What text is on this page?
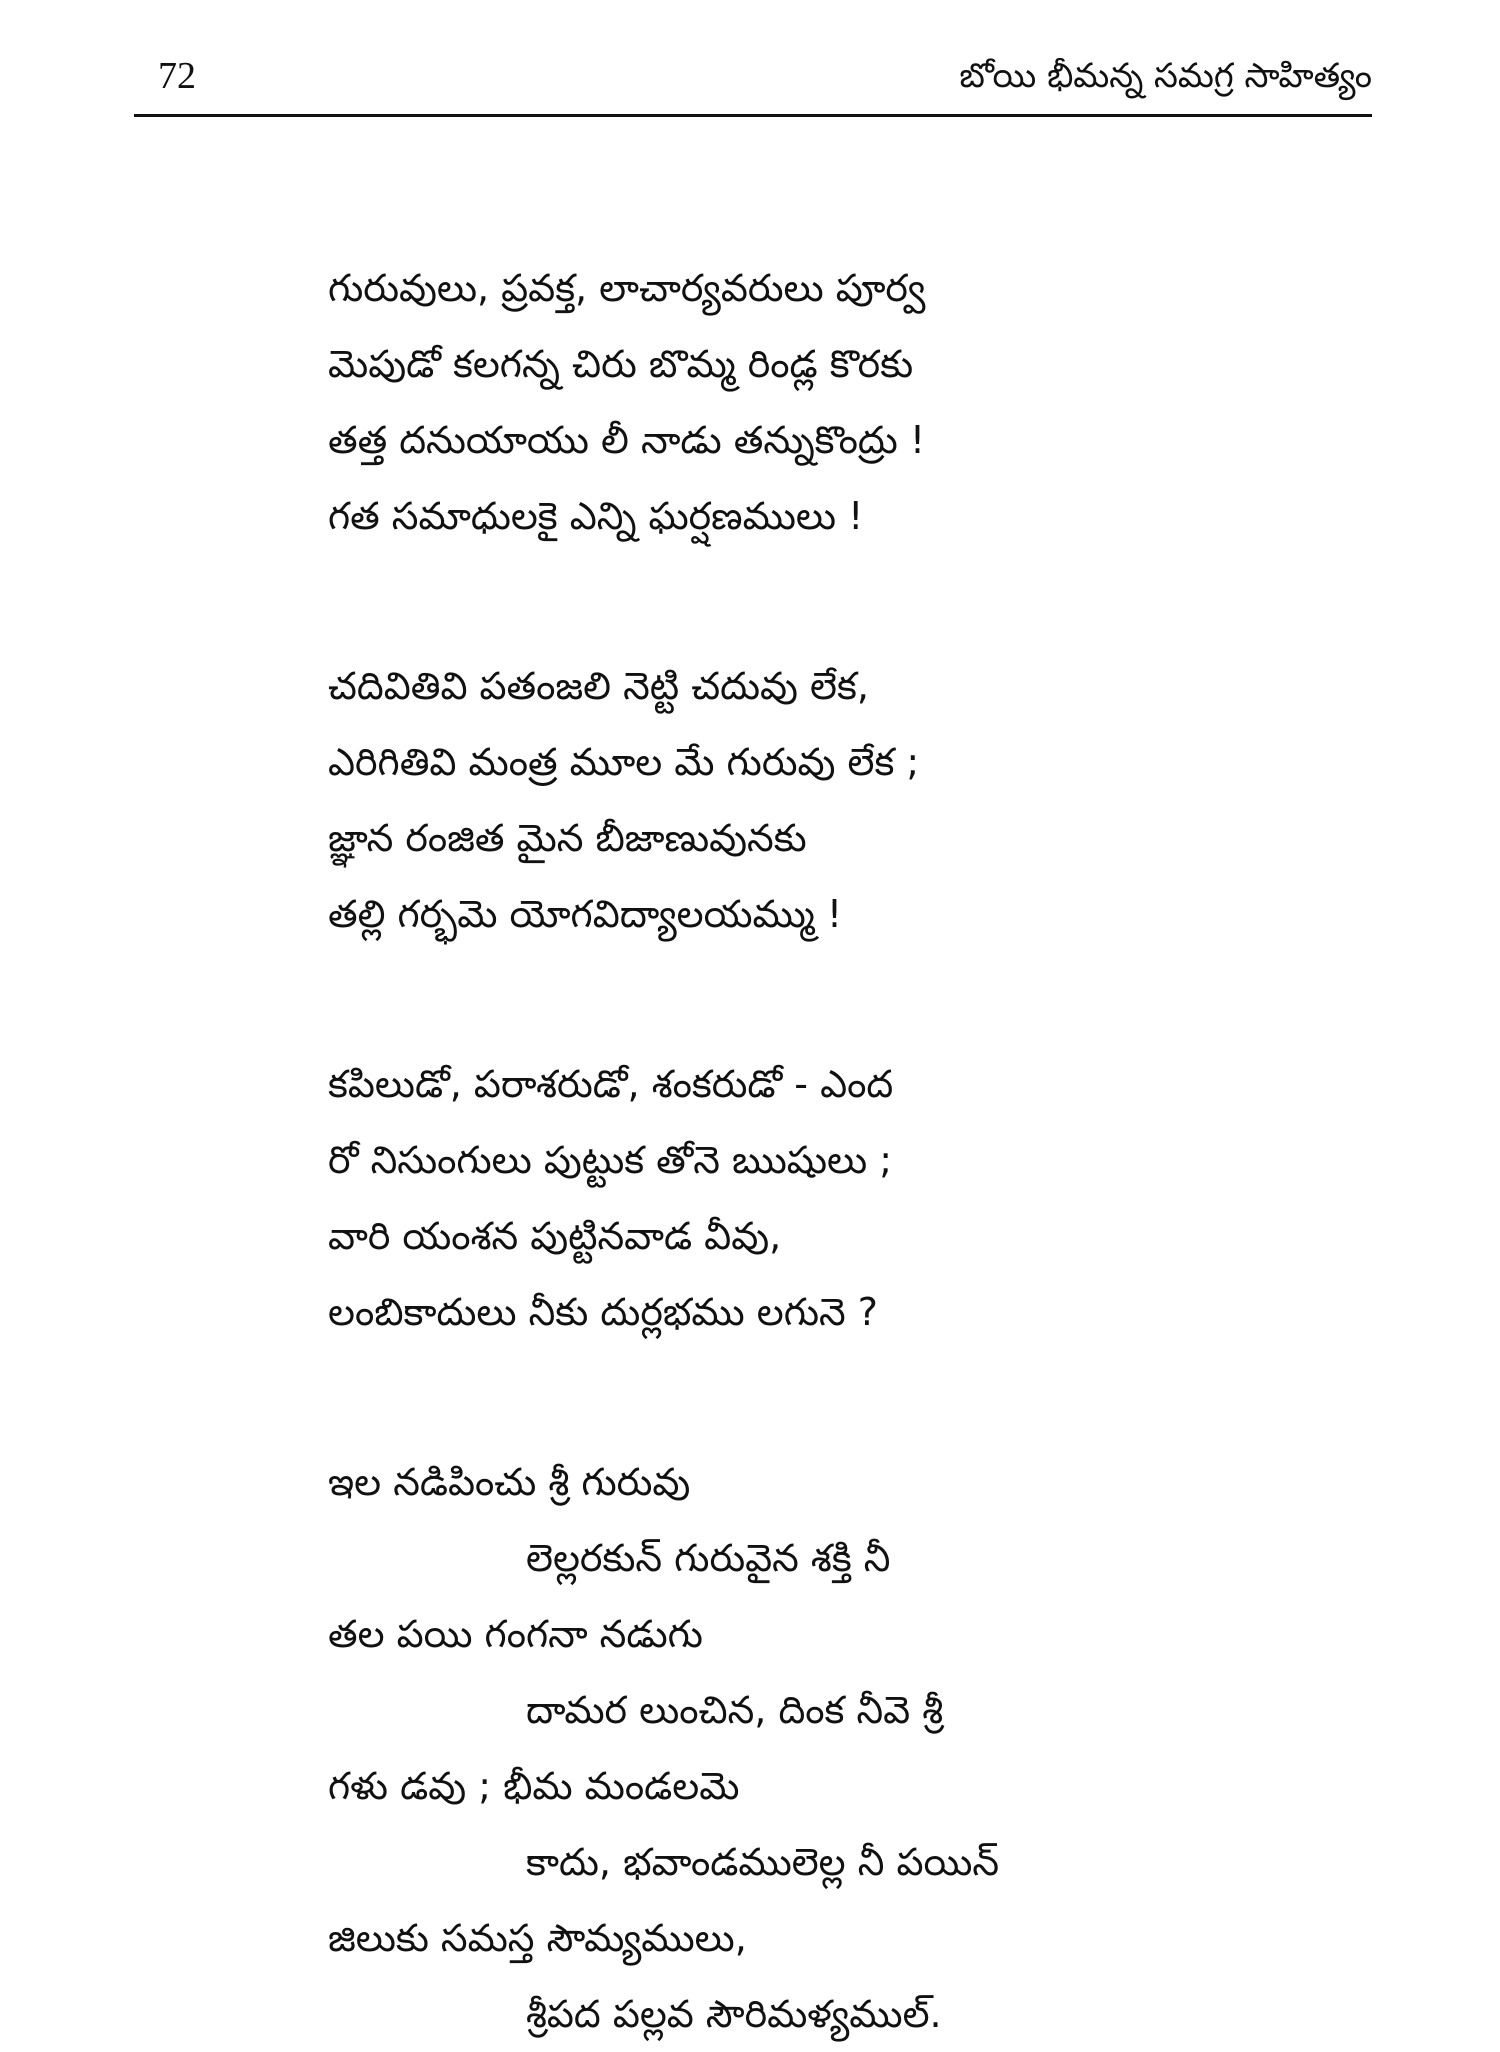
72	బోయి భీమన్న సమగ్ర సాహిత్యం
గురువులు, ప్రవక్త, లాచార్యవరులు పూర్వ
మెపుడో కలగన్న చిరు బొమ్మ రిండ్ల కొరకు
తత్త దనుయాయు లీ నాడు తన్నుకొంద్రు !
గత సమాధులకై ఎన్ని ఘర్షణములు !
చదివితివి పతంజలి నెట్టి చదువు లేక,
ఎరిగితివి మంత్ర మూల మే గురువు లేక ;
జ్ఞాన రంజిత మైన బీజాణువునకు
తల్లి గర్భమె యోగవిద్యాలయమ్ము !
కపిలుడో, పరాశరుడో, శంకరుడో - ఎంద
రో నిసుంగులు పుట్టుక తోనె ఋషులు ;
వారి యంశన పుట్టినవాడ వీవు,
లంబికాదులు నీకు దుర్లభము లగునె ?
ఇల నడిపించు శ్రీ గురువు
లెల్లరకున్ గురువైన శక్తి నీ
తల పయి గంగనా నడుగు
దామర లుంచిన, దింక నీవె శ్రీ
గళు డవు ; భీమ మండలమె
కాదు, భవాండములెల్ల నీ పయిన్
జిలుకు సమస్త సౌమ్యములు,
శ్రీపద పల్లవ సౌరిమళ్యముల్.
